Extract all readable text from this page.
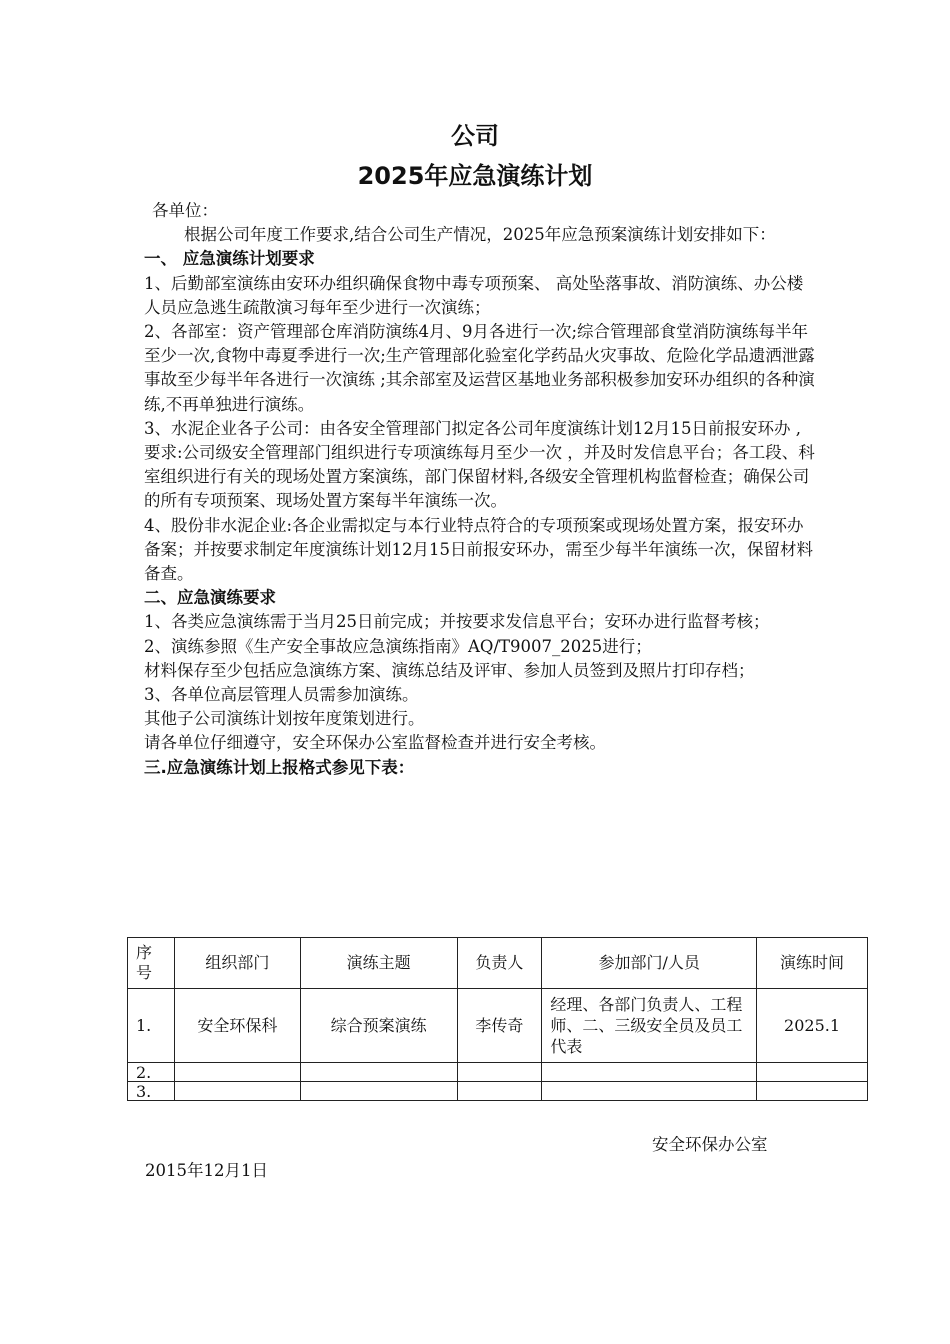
公司
2025年应急演练计划

各单位：

根据公司年度工作要求,结合公司生产情况，2025年应急预案演练计划安排如下：

一、 应急演练计划要求

1、后勤部室演练由安环办组织确保食物中毒专项预案、 高处坠落事故、消防演练、办公楼人员应急逃生疏散演习每年至少进行一次演练；

2、各部室：资产管理部仓库消防演练4月、9月各进行一次;综合管理部食堂消防演练每半年至少一次,食物中毒夏季进行一次;生产管理部化验室化学药品火灾事故、危险化学品遗洒泄露事故至少每半年各进行一次演练 ;其余部室及运营区基地业务部积极参加安环办组织的各种演练,不再单独进行演练。

3、水泥企业各子公司：由各安全管理部门拟定各公司年度演练计划12月15日前报安环办 ,要求:公司级安全管理部门组织进行专项演练每月至少一次 ，并及时发信息平台；各工段、科室组织进行有关的现场处置方案演练，部门保留材料,各级安全管理机构监督检查；确保公司的所有专项预案、现场处置方案每半年演练一次。

4、股份非水泥企业:各企业需拟定与本行业特点符合的专项预案或现场处置方案，报安环办备案；并按要求制定年度演练计划12月15日前报安环办，需至少每半年演练一次，保留材料备查。

二、应急演练要求

1、各类应急演练需于当月25日前完成；并按要求发信息平台；安环办进行监督考核；

2、演练参照《生产安全事故应急演练指南》AQ/T9007_2025进行；

材料保存至少包括应急演练方案、演练总结及评审、参加人员签到及照片打印存档；

3、各单位高层管理人员需参加演练。

其他子公司演练计划按年度策划进行。

请各单位仔细遵守，安全环保办公室监督检查并进行安全考核。

三.应急演练计划上报格式参见下表：

序号	组织部门	演练主题	负责人	参加部门/人员	演练时间
1.	安全环保科	综合预案演练	李传奇	经理、各部门负责人、工程师、二、三级安全员及员工代表	2025.1
2.					
3.					
安全环保办公室
2015年12月1日
